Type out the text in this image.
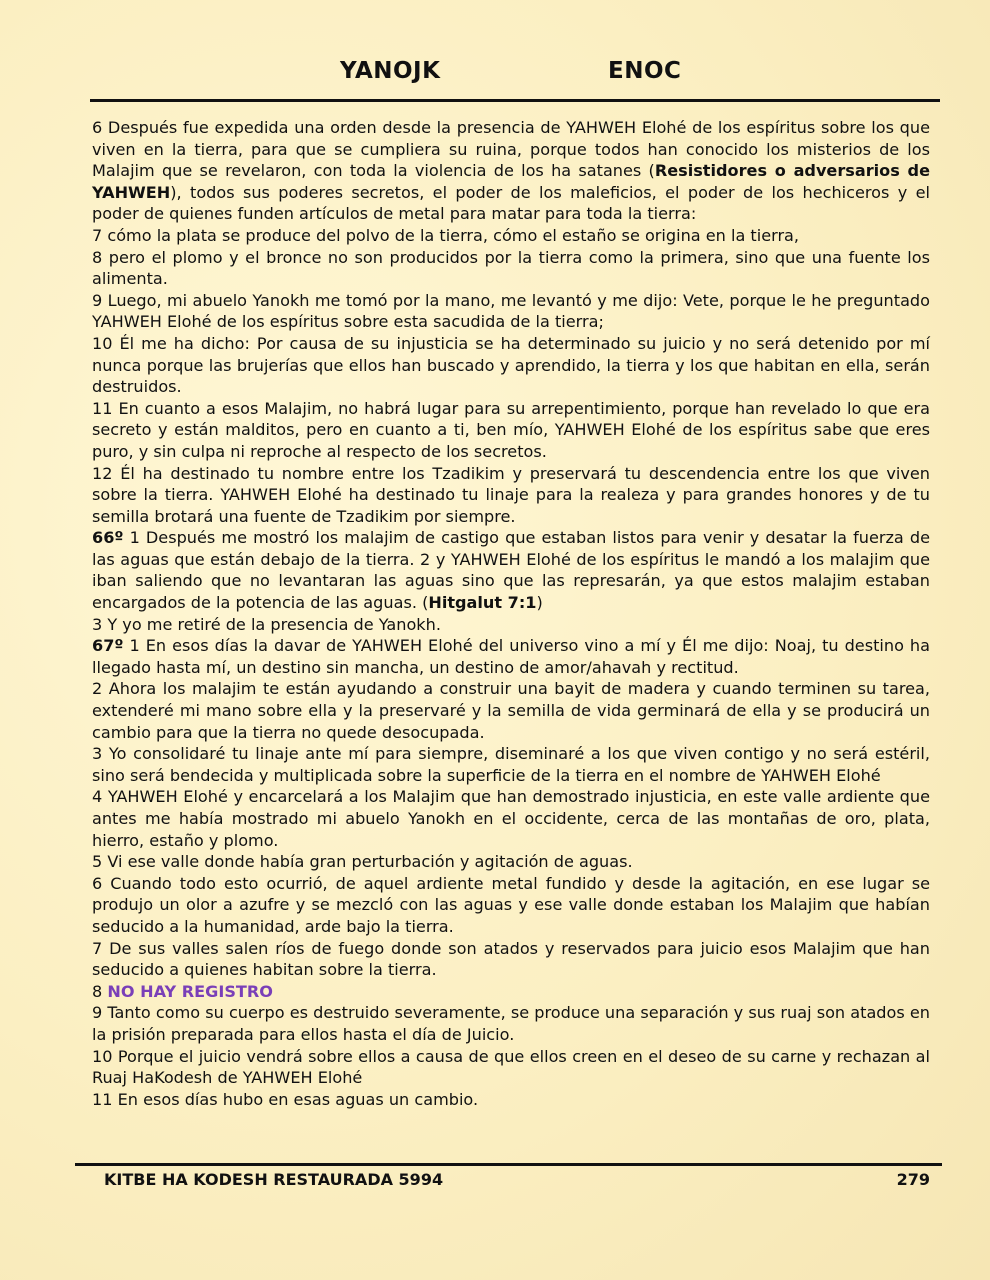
YANOJK	ENOC

6 Después fue expedida una orden desde la presencia de YAHWEH Elohé de los espíritus sobre los que viven en la tierra, para que se cumpliera su ruina, porque todos han conocido los misterios de los Malajim que se revelaron, con toda la violencia de los ha satanes (Resistidores o adversarios de YAHWEH), todos sus poderes secretos, el poder de los maleficios, el poder de los hechiceros y el poder de quienes funden artículos de metal para matar para toda la tierra:

7 cómo la plata se produce del polvo de la tierra, cómo el estaño se origina en la tierra,

8 pero el plomo y el bronce no son producidos por la tierra como la primera, sino que una fuente los alimenta.

9 Luego, mi abuelo Yanokh me tomó por la mano, me levantó y me dijo: Vete, porque le he preguntado YAHWEH Elohé de los espíritus sobre esta sacudida de la tierra;

10 Él me ha dicho: Por causa de su injusticia se ha determinado su juicio y no será detenido por mí nunca porque las brujerías que ellos han buscado y aprendido, la tierra y los que habitan en ella, serán destruidos.

11 En cuanto a esos Malajim, no habrá lugar para su arrepentimiento, porque han revelado lo que era secreto y están malditos, pero en cuanto a ti, ben mío, YAHWEH Elohé de los espíritus sabe que eres puro, y sin culpa ni reproche al respecto de los secretos.

12 Él ha destinado tu nombre entre los Tzadikim y preservará tu descendencia entre los que viven sobre la tierra. YAHWEH Elohé ha destinado tu linaje para la realeza y para grandes honores y de tu semilla brotará una fuente de Tzadikim por siempre.

66º 1 Después me mostró los malajim de castigo que estaban listos para venir y desatar la fuerza de las aguas que están debajo de la tierra. 2 y YAHWEH Elohé de los espíritus le mandó a los malajim que iban saliendo que no levantaran las aguas sino que las represarán, ya que estos malajim estaban encargados de la potencia de las aguas. (Hitgalut 7:1)

3 Y yo me retiré de la presencia de Yanokh.

67º 1 En esos días la davar de YAHWEH Elohé del universo vino a mí y Él me dijo: Noaj, tu destino ha llegado hasta mí, un destino sin mancha, un destino de amor/ahavah y rectitud.

2 Ahora los malajim te están ayudando a construir una bayit de madera y cuando terminen su tarea, extenderé mi mano sobre ella y la preservaré y la semilla de vida germinará de ella y se producirá un cambio para que la tierra no quede desocupada.

3 Yo consolidaré tu linaje ante mí para siempre, diseminaré a los que viven contigo y no será estéril, sino será bendecida y multiplicada sobre la superficie de la tierra en el nombre de YAHWEH Elohé

4 YAHWEH Elohé y encarcelará a los Malajim que han demostrado injusticia, en este valle ardiente que antes me había mostrado mi abuelo Yanokh en el occidente, cerca de las montañas de oro, plata, hierro, estaño y plomo.

5 Vi ese valle donde había gran perturbación y agitación de aguas.

6 Cuando todo esto ocurrió, de aquel ardiente metal fundido y desde la agitación, en ese lugar se produjo un olor a azufre y se mezcló con las aguas y ese valle donde estaban los Malajim que habían seducido a la humanidad, arde bajo la tierra.

7 De sus valles salen ríos de fuego donde son atados y reservados para juicio esos Malajim que han seducido a quienes habitan sobre la tierra.

8 NO HAY REGISTRO

9 Tanto como su cuerpo es destruido severamente, se produce una separación y sus ruaj son atados en la prisión preparada para ellos hasta el día de Juicio.

10 Porque el juicio vendrá sobre ellos a causa de que ellos creen en el deseo de su carne y rechazan al Ruaj HaKodesh de YAHWEH Elohé

11 En esos días hubo en esas aguas un cambio.

KITBE HA KODESH RESTAURADA 5994	279
